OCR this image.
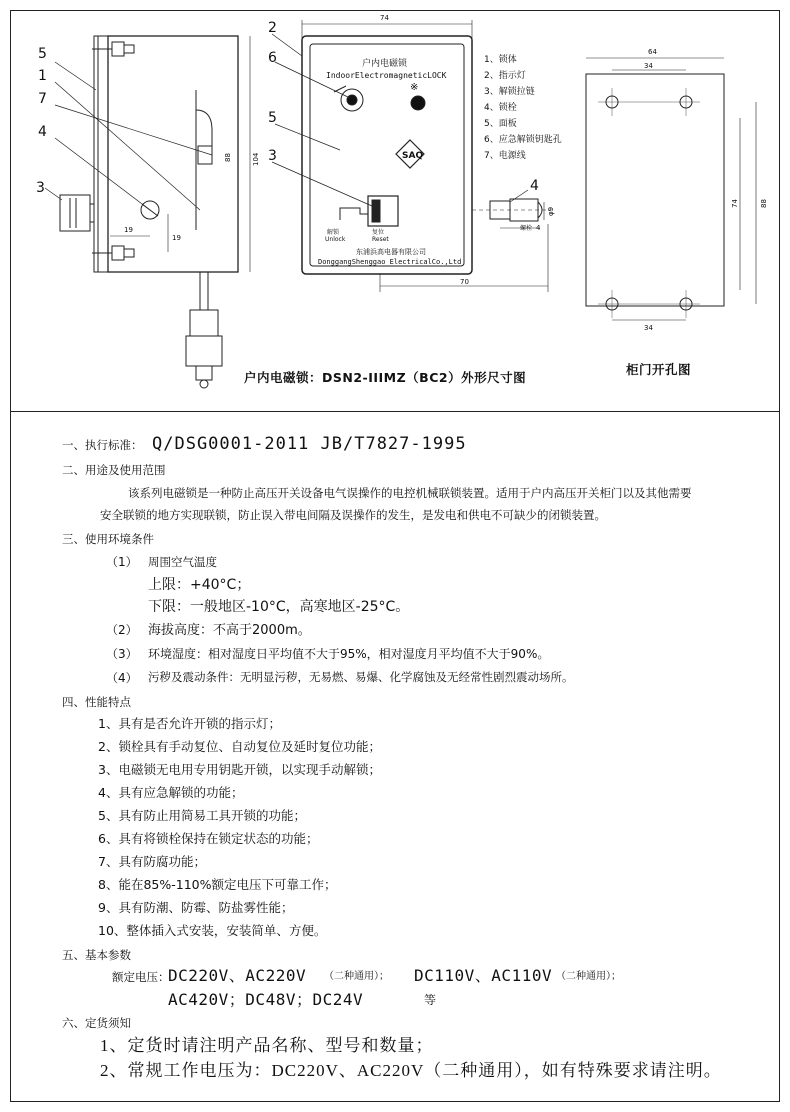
5
1
7
4
3
19
19
88	104
74
户内电磁锁
IndoorElectromagneticLOCK
※
SAQ
解锁
Unlock
复位
Reset
东浦浜高电器有限公司
DonggangShenggao ElectricalCo.,Ltd
2
6
5
3
4
70
φ9
螺栓 4
1、锁体
2、指示灯
3、解锁拉链
4、锁栓
5、面板
6、应急解锁钥匙孔
7、电源线
64
34
34
74	88
户内电磁锁：DSN2-IIIMZ（BC2）外形尺寸图
柜门开孔图
一、执行标准： Q/DSG0001-2011 JB/T7827-1995
二、用途及使用范围
该系列电磁锁是一种防止高压开关设备电气误操作的电控机械联锁装置。适用于户内高压开关柜门以及其他需要
安全联锁的地方实现联锁，防止误入带电间隔及误操作的发生，是发电和供电不可缺少的闭锁装置。
三、使用环境条件
（1） 周围空气温度
上限：+40°C；
下限：一般地区-10°C，高寒地区-25°C。
（2） 海拔高度：不高于2000m。
（3） 环境湿度：相对湿度日平均值不大于95%，相对湿度月平均值不大于90%。
（4） 污秽及震动条件：无明显污秽，无易燃、易爆、化学腐蚀及无经常性剧烈震动场所。
四、性能特点
1、具有是否允许开锁的指示灯；
2、锁栓具有手动复位、自动复位及延时复位功能；
3、电磁锁无电用专用钥匙开锁，以实现手动解锁；
4、具有应急解锁的功能；
5、具有防止用简易工具开锁的功能；
6、具有将锁栓保持在锁定状态的功能；
7、具有防腐功能；
8、能在85%-110%额定电压下可靠工作；
9、具有防潮、防霉、防盐雾性能；
10、整体插入式安装，安装简单、方便。
五、基本参数
额定电压：
DC220V、AC220V （二种通用）； DC110V、AC110V （二种通用）；
AC420V；DC48V；DC24V	等
六、定货须知
1、定货时请注明产品名称、型号和数量；
2、常规工作电压为：DC220V、AC220V（二种通用），如有特殊要求请注明。
